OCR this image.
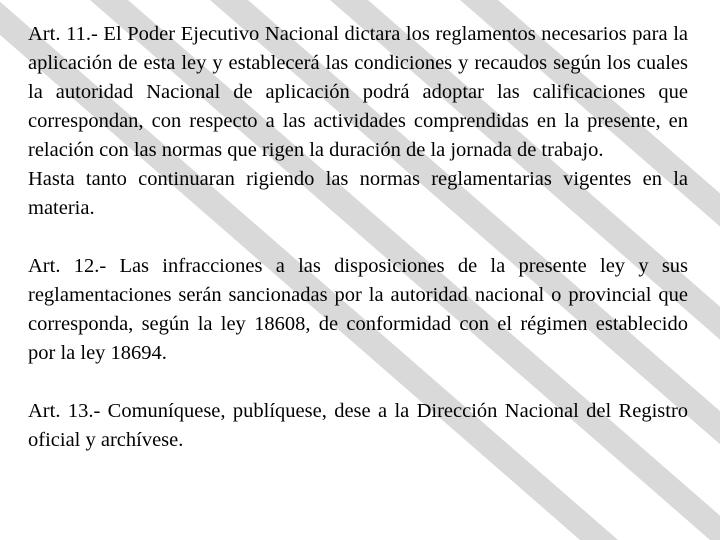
Art. 11.- El Poder Ejecutivo Nacional dictara los reglamentos necesarios para la aplicación de esta ley y establecerá las condiciones y recaudos según los cuales la autoridad Nacional de aplicación podrá adoptar las calificaciones que correspondan, con respecto a las actividades comprendidas en la presente, en relación con las normas que rigen la duración de la jornada de trabajo.

Hasta tanto continuaran rigiendo las normas reglamentarias vigentes en la materia.

Art. 12.- Las infracciones a las disposiciones de la presente ley y sus reglamentaciones serán sancionadas por la autoridad nacional o provincial que corresponda, según la ley 18608, de conformidad con el régimen establecido por la ley 18694.

Art. 13.- Comuníquese, publíquese, dese a la Dirección Nacional del Registro oficial y archívese.
